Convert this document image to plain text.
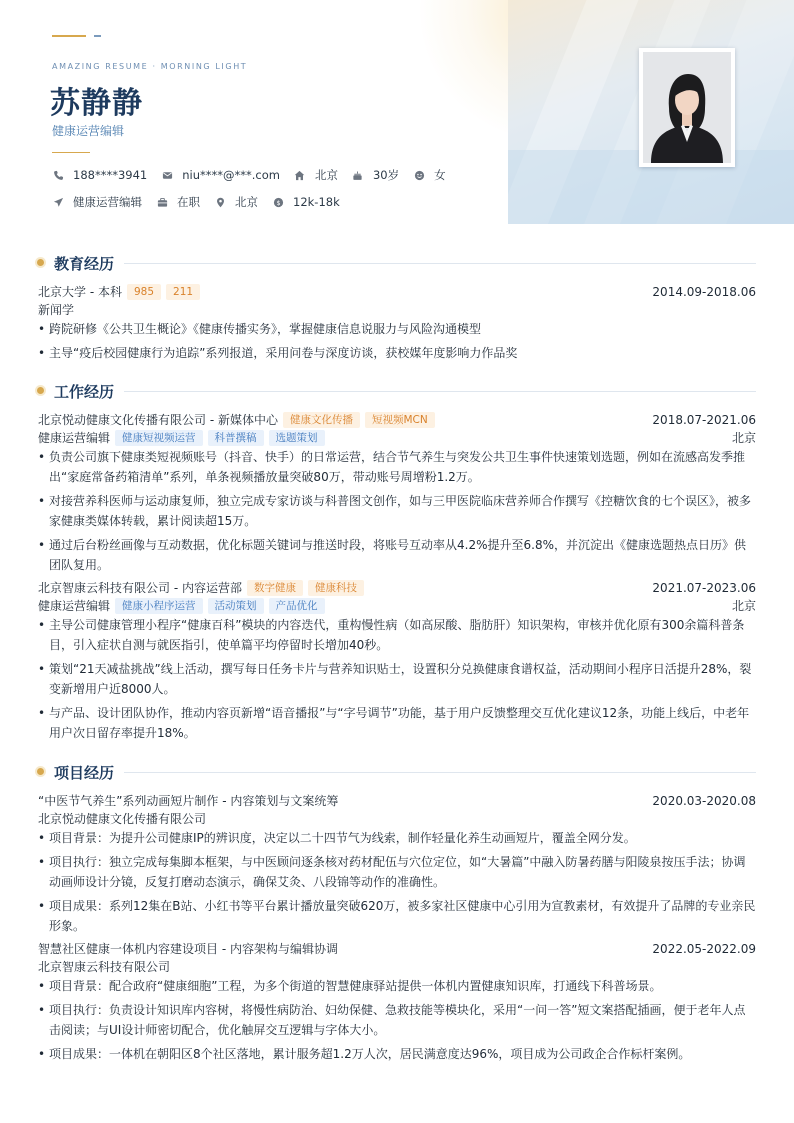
AMAZING RESUME · MORNING LIGHT
苏静静
健康运营编辑
188****3941	niu****@***.com	北京	30岁	女
健康运营编辑	在职	北京	$ 12k-18k
教育经历
北京大学 - 本科 985 211	2014.09-2018.06
新闻学
• 跨院研修《公共卫生概论》《健康传播实务》，掌握健康信息说服力与风险沟通模型
• 主导“疫后校园健康行为追踪”系列报道，采用问卷与深度访谈，获校媒年度影响力作品奖
工作经历
北京悦动健康文化传播有限公司 - 新媒体中心 健康文化传播 短视频MCN	2018.07-2021.06
健康运营编辑 健康短视频运营 科普撰稿 选题策划	北京
• 负责公司旗下健康类短视频账号（抖音、快手）的日常运营，结合节气养生与突发公共卫生事件快速策划选题，例如在流感高发季推出“家庭常备药箱清单”系列，单条视频播放量突破80万，带动账号周增粉1.2万。
• 对接营养科医师与运动康复师，独立完成专家访谈与科普图文创作，如与三甲医院临床营养师合作撰写《控糖饮食的七个误区》，被多家健康类媒体转载，累计阅读超15万。
• 通过后台粉丝画像与互动数据，优化标题关键词与推送时段，将账号互动率从4.2%提升至6.8%，并沉淀出《健康选题热点日历》供团队复用。
北京智康云科技有限公司 - 内容运营部 数字健康 健康科技	2021.07-2023.06
健康运营编辑 健康小程序运营 活动策划 产品优化	北京
• 主导公司健康管理小程序“健康百科”模块的内容迭代，重构慢性病（如高尿酸、脂肪肝）知识架构，审核并优化原有300余篇科普条目，引入症状自测与就医指引，使单篇平均停留时长增加40秒。
• 策划“21天减盐挑战”线上活动，撰写每日任务卡片与营养知识贴士，设置积分兑换健康食谱权益，活动期间小程序日活提升28%，裂变新增用户近8000人。
• 与产品、设计团队协作，推动内容页新增“语音播报”与“字号调节”功能，基于用户反馈整理交互优化建议12条，功能上线后，中老年用户次日留存率提升18%。
项目经历
“中医节气养生”系列动画短片制作 - 内容策划与文案统筹	2020.03-2020.08
北京悦动健康文化传播有限公司
• 项目背景：为提升公司健康IP的辨识度，决定以二十四节气为线索，制作轻量化养生动画短片，覆盖全网分发。
• 项目执行：独立完成每集脚本框架，与中医顾问逐条核对药材配伍与穴位定位，如“大暑篇”中融入防暑药膳与阳陵泉按压手法；协调动画师设计分镜，反复打磨动态演示，确保艾灸、八段锦等动作的准确性。
• 项目成果：系列12集在B站、小红书等平台累计播放量突破620万，被多家社区健康中心引用为宣教素材，有效提升了品牌的专业亲民形象。
智慧社区健康一体机内容建设项目 - 内容架构与编辑协调	2022.05-2022.09
北京智康云科技有限公司
• 项目背景：配合政府“健康细胞”工程，为多个街道的智慧健康驿站提供一体机内置健康知识库，打通线下科普场景。
• 项目执行：负责设计知识库内容树，将慢性病防治、妇幼保健、急救技能等模块化，采用“一问一答”短文案搭配插画，便于老年人点击阅读；与UI设计师密切配合，优化触屏交互逻辑与字体大小。
• 项目成果：一体机在朝阳区8个社区落地，累计服务超1.2万人次，居民满意度达96%，项目成为公司政企合作标杆案例。
